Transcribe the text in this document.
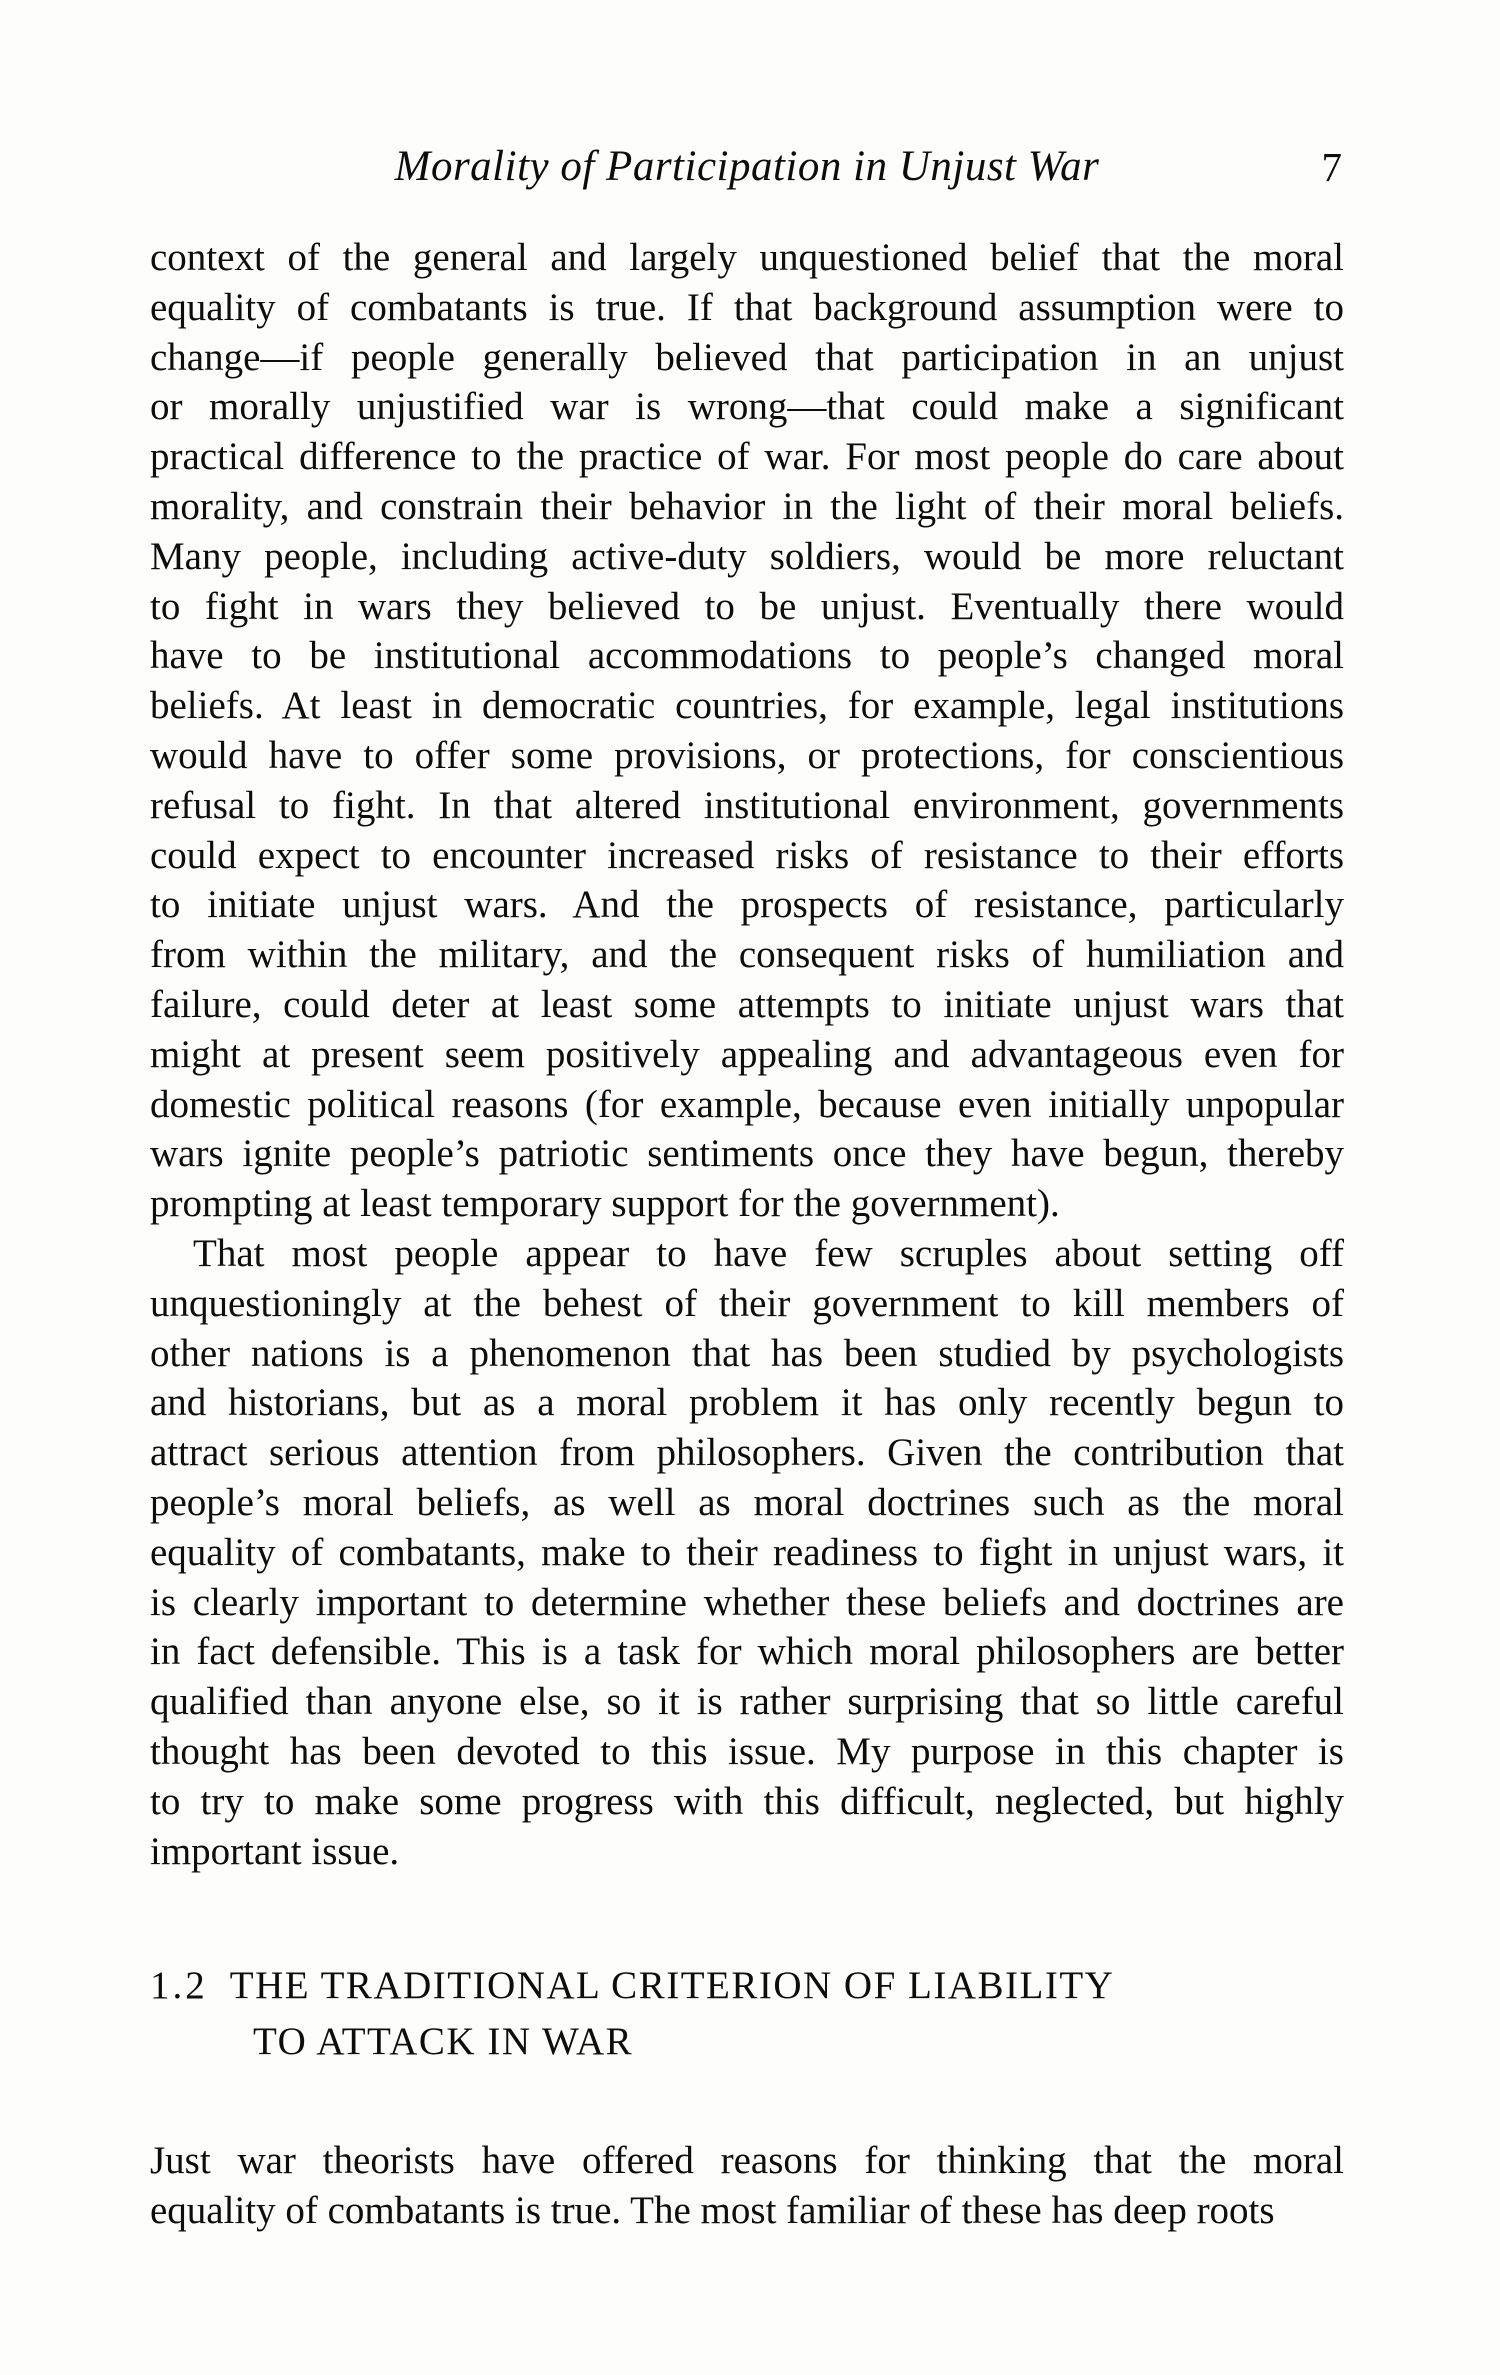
Morality of Participation in Unjust War	7
context of the general and largely unquestioned belief that the moral
equality of combatants is true. If that background assumption were to
change—if people generally believed that participation in an unjust
or morally unjustified war is wrong—that could make a significant
practical difference to the practice of war. For most people do care about
morality, and constrain their behavior in the light of their moral beliefs.
Many people, including active-duty soldiers, would be more reluctant
to fight in wars they believed to be unjust. Eventually there would
have to be institutional accommodations to people’s changed moral
beliefs. At least in democratic countries, for example, legal institutions
would have to offer some provisions, or protections, for conscientious
refusal to fight. In that altered institutional environment, governments
could expect to encounter increased risks of resistance to their efforts
to initiate unjust wars. And the prospects of resistance, particularly
from within the military, and the consequent risks of humiliation and
failure, could deter at least some attempts to initiate unjust wars that
might at present seem positively appealing and advantageous even for
domestic political reasons (for example, because even initially unpopular
wars ignite people’s patriotic sentiments once they have begun, thereby
prompting at least temporary support for the government).
That most people appear to have few scruples about setting off
unquestioningly at the behest of their government to kill members of
other nations is a phenomenon that has been studied by psychologists
and historians, but as a moral problem it has only recently begun to
attract serious attention from philosophers. Given the contribution that
people’s moral beliefs, as well as moral doctrines such as the moral
equality of combatants, make to their readiness to fight in unjust wars, it
is clearly important to determine whether these beliefs and doctrines are
in fact defensible. This is a task for which moral philosophers are better
qualified than anyone else, so it is rather surprising that so little careful
thought has been devoted to this issue. My purpose in this chapter is
to try to make some progress with this difficult, neglected, but highly
important issue.
1.2 THE TRADITIONAL CRITERION OF LIABILITY
TO ATTACK IN WAR
Just war theorists have offered reasons for thinking that the moral
equality of combatants is true. The most familiar of these has deep roots
